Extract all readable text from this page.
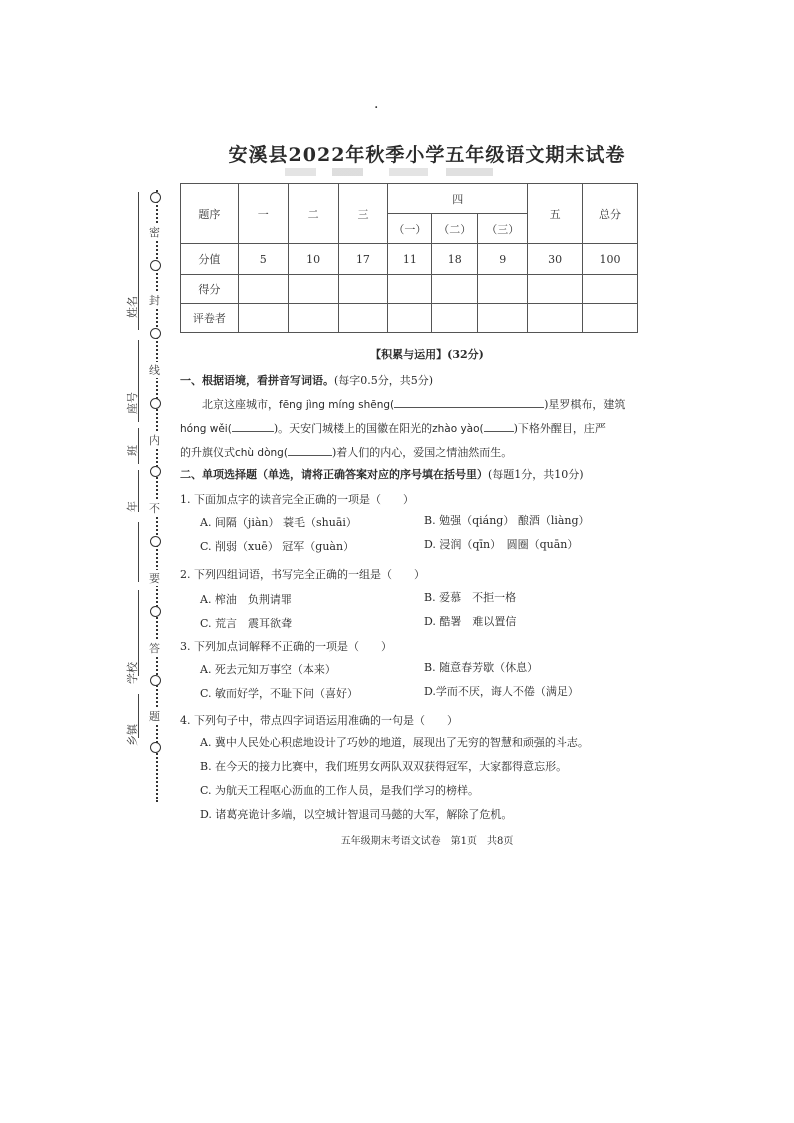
·
安溪县2022年秋季小学五年级语文期末试卷
密
封
线
内
不
要
答
题
姓名
座号
班
年
学校
乡镇
题序	一	二	三	四			五	总分
				（一）	（二）	（三）		
分值	5	10	17	11	18	9	30	100
得分								
评卷者								
【积累与运用】(32分)
一、根据语境，看拼音写词语。(每字0.5分，共5分)
北京这座城市，fēng jìng míng shēng(	)星罗棋布，建筑
hóng wěi(	)。天安门城楼上的国徽在阳光的zhào yào(	)下格外醒目，庄严
的升旗仪式chù dòng(	)着人们的内心，爱国之情油然而生。
二、单项选择题（单选，请将正确答案对应的序号填在括号里）(每题1分，共10分)
1. 下面加点字的读音完全正确的一项是（　　）
A. 间隔（jiàn） 蓑毛（shuāi）	B. 勉强（qiáng） 酿酒（liàng）
C. 削弱（xuē） 冠军（guàn）	D. 浸润（qīn）　圆圈（quān）
2. 下列四组词语，书写完全正确的一组是（　　）
A. 榨油　负荆请罪	B. 爱慕　不拒一格
C. 荒言　震耳欲聋	D. 酷署　难以置信
3. 下列加点词解释不正确的一项是（　　）
A. 死去元知万事空（本来）	B. 随意春芳歇（休息）
C. 敏而好学，不耻下问（喜好）	D.学而不厌，诲人不倦（满足）
4. 下列句子中，带点四字词语运用准确的一句是（　　）
A. 冀中人民处心积虑地设计了巧妙的地道，展现出了无穷的智慧和顽强的斗志。
B. 在今天的接力比赛中，我们班男女两队双双获得冠军，大家都得意忘形。
C. 为航天工程呕心沥血的工作人员，是我们学习的榜样。
D. 诸葛亮诡计多端，以空城计智退司马懿的大军，解除了危机。
五年级期末考语文试卷　第1页　共8页
